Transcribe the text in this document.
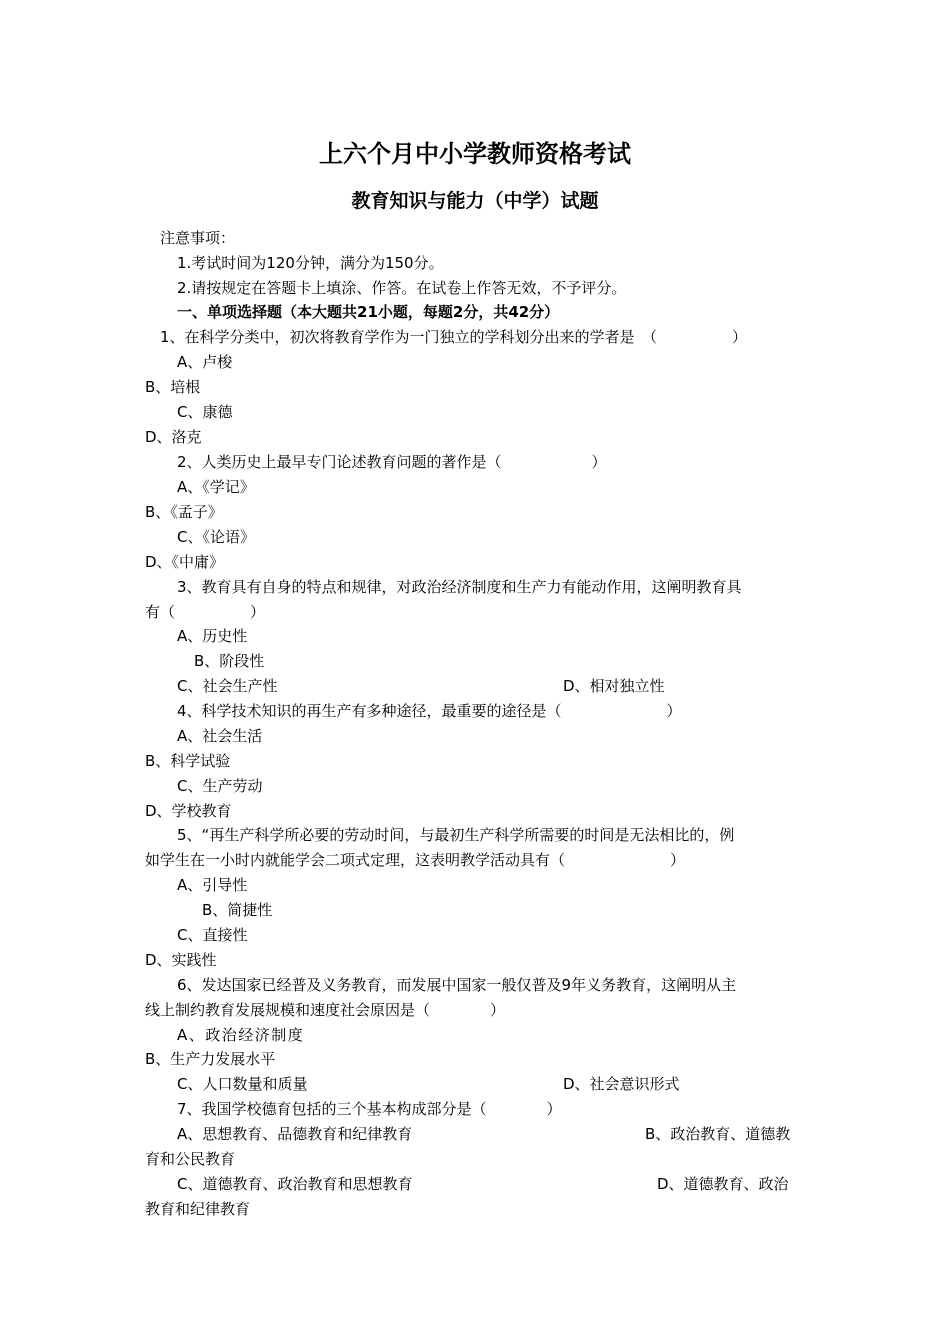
上六个月中小学教师资格考试
教育知识与能力（中学）试题
注意事项：
1.考试时间为120分钟，满分为150分。
2.请按规定在答题卡上填涂、作答。在试卷上作答无效，不予评分。
一、单项选择题（本大题共21小题，每题2分，共42分）
1、在科学分类中，初次将教育学作为一门独立的学科划分出来的学者是　（　　　　　）
A、卢梭
B、培根
C、康德
D、洛克
2、人类历史上最早专门论述教育问题的著作是（　　　　　　）
A、《学记》
B、《孟子》
C、《论语》
D、《中庸》
3、教育具有自身的特点和规律，对政治经济制度和生产力有能动作用，这阐明教育具
有（　　　　　）
A、历史性
B、阶段性
C、社会生产性	D、相对独立性
4、科学技术知识的再生产有多种途径，最重要的途径是（　　　　　　　）
A、社会生活
B、科学试验
C、生产劳动
D、学校教育
5、“再生产科学所必要的劳动时间，与最初生产科学所需要的时间是无法相比的，例
如学生在一小时内就能学会二项式定理，这表明教学活动具有（　　　　　　　）
A、引导性
B、简捷性
C、直接性
D、实践性
6、发达国家已经普及义务教育，而发展中国家一般仅普及9年义务教育，这阐明从主
线上制约教育发展规模和速度社会原因是（　　　　）
A、政治经济制度
B、生产力发展水平
C、人口数量和质量	D、社会意识形式
7、我国学校德育包括的三个基本构成部分是（　　　　）
A、思想教育、品德教育和纪律教育	B、政治教育、道德教
育和公民教育
C、道德教育、政治教育和思想教育	D、道德教育、政治
教育和纪律教育
